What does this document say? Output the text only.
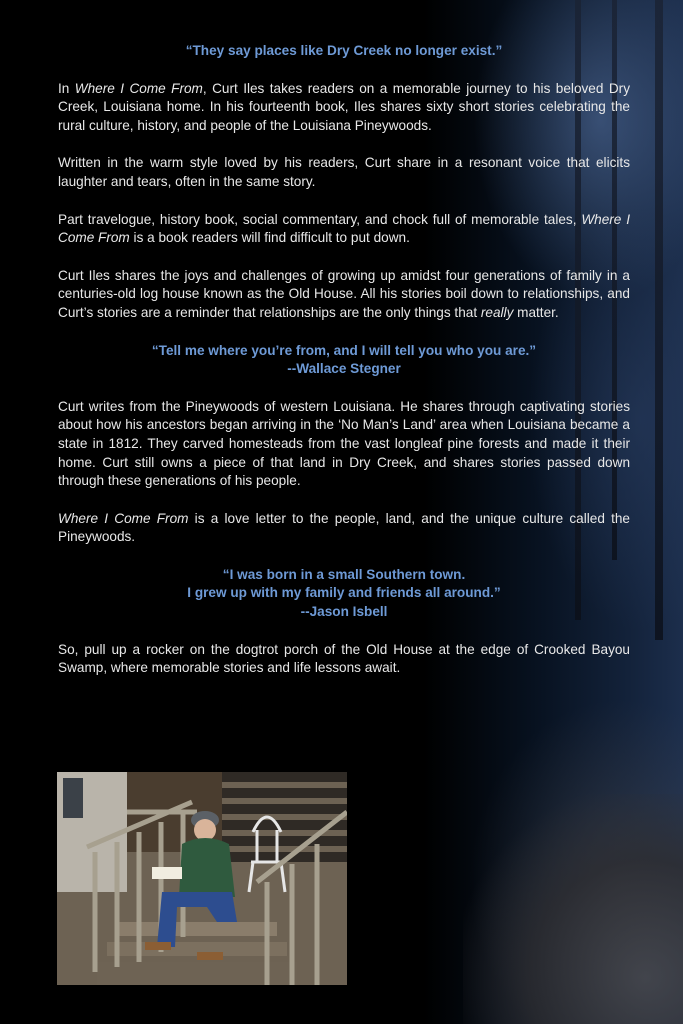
“They say places like Dry Creek no longer exist.”

In Where I Come From, Curt Iles takes readers on a memorable journey to his beloved Dry Creek, Louisiana home. In his fourteenth book, Iles shares sixty short stories celebrating the rural culture, history, and people of the Louisiana Pineywoods.

Written in the warm style loved by his readers, Curt share in a resonant voice that elicits laughter and tears, often in the same story.

Part travelogue, history book, social commentary, and chock full of memorable tales, Where I Come From is a book readers will find difficult to put down.

Curt Iles shares the joys and challenges of growing up amidst four generations of family in a centuries-old log house known as the Old House. All his stories boil down to relationships, and Curt’s stories are a reminder that relationships are the only things that really matter.

“Tell me where you’re from, and I will tell you who you are.”
--Wallace Stegner

Curt writes from the Pineywoods of western Louisiana. He shares through captivating stories about how his ancestors began arriving in the ‘No Man’s Land’ area when Louisiana became a state in 1812. They carved homesteads from the vast longleaf pine forests and made it their home. Curt still owns a piece of that land in Dry Creek, and shares stories passed down through these generations of his people.

Where I Come From is a love letter to the people, land, and the unique culture called the Pineywoods.

“I was born in a small Southern town.
I grew up with my family and friends all around.”
--Jason Isbell

So, pull up a rocker on the dogtrot porch of the Old House at the edge of Crooked Bayou Swamp, where memorable stories and life lessons await.
